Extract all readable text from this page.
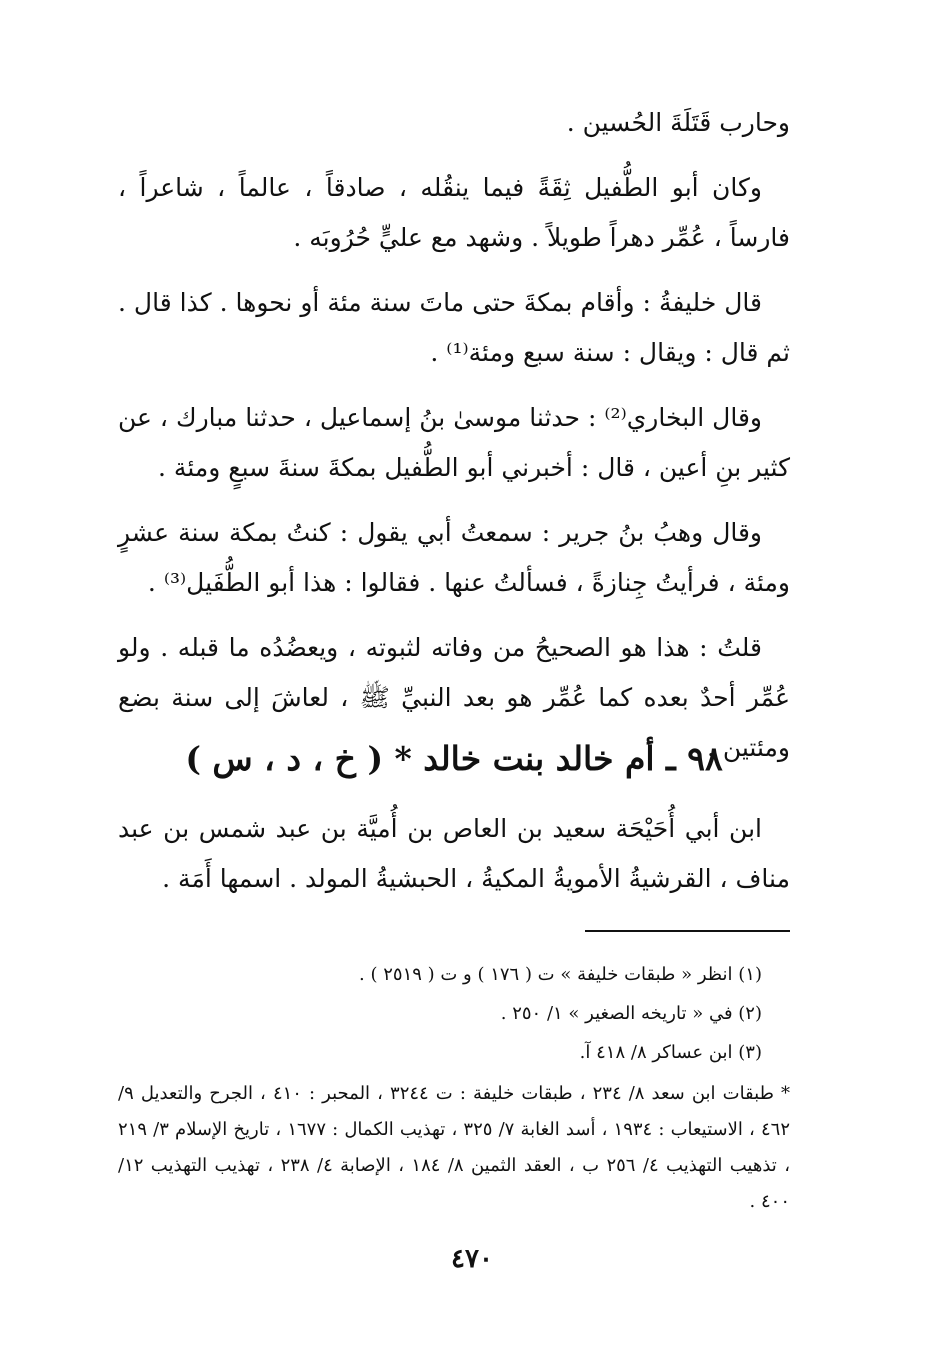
وحارب قَتَلَةَ الحُسين .

وكان أبو الطُّفيل ثِقَةً فيما ينقُله ، صادقاً ، عالماً ، شاعراً ، فارساً ، عُمِّر دهراً طويلاً . وشهد مع عليٍّ حُرُوبَه .

قال خليفةُ : وأقام بمكةَ حتى ماتَ سنة مئة أو نحوها . كذا قال . ثم قال : ويقال : سنة سبع ومئة⁽¹⁾ .

وقال البخاري⁽²⁾ : حدثنا موسىٰ بنُ إسماعيل ، حدثنا مبارك ، عن كثير بنِ أعين ، قال : أخبرني أبو الطُّفيل بمكةَ سنةَ سبعٍ ومئة .

وقال وهبُ بنُ جرير : سمعتُ أبي يقول : كنتُ بمكة سنة عشرٍ ومئة ، فرأيتُ جِنازةً ، فسألتُ عنها . فقالوا : هذا أبو الطُّفَيل⁽³⁾ .

قلتُ : هذا هو الصحيحُ من وفاته لثبوته ، ويعضُدُه ما قبله . ولو عُمِّر أحدٌ بعده كما عُمِّر هو بعد النبيِّ ﷺ ، لعاشَ إلى سنة بضع ومئتين .

٩٨ ـ أم خالد بنت خالد * ( خ ، د ، س )

ابن أبي أُحَيْحَة سعيد بن العاص بن أُميَّة بن عبد شمس بن عبد مناف ، القرشيةُ الأمويةُ المكيةُ ، الحبشيةُ المولد . اسمها أَمَة .

(١) انظر « طبقات خليفة » ت ( ١٧٦ ) و ت ( ٢٥١٩ ) .

(٢) في « تاريخه الصغير » ١/ ٢٥٠ .

(٣) ابن عساكر ٨/ ٤١٨ آ.

* طبقات ابن سعد ٨/ ٢٣٤ ، طبقات خليفة : ت ٣٢٤٤ ، المحبر : ٤١٠ ، الجرح والتعديل ٩/ ٤٦٢ ، الاستيعاب : ١٩٣٤ ، أسد الغابة ٧/ ٣٢٥ ، تهذيب الكمال : ١٦٧٧ ، تاريخ الإسلام ٣/ ٢١٩ ، تذهيب التهذيب ٤/ ٢٥٦ ب ، العقد الثمين ٨/ ١٨٤ ، الإصابة ٤/ ٢٣٨ ، تهذيب التهذيب ١٢/ ٤٠٠ .

٤٧٠
